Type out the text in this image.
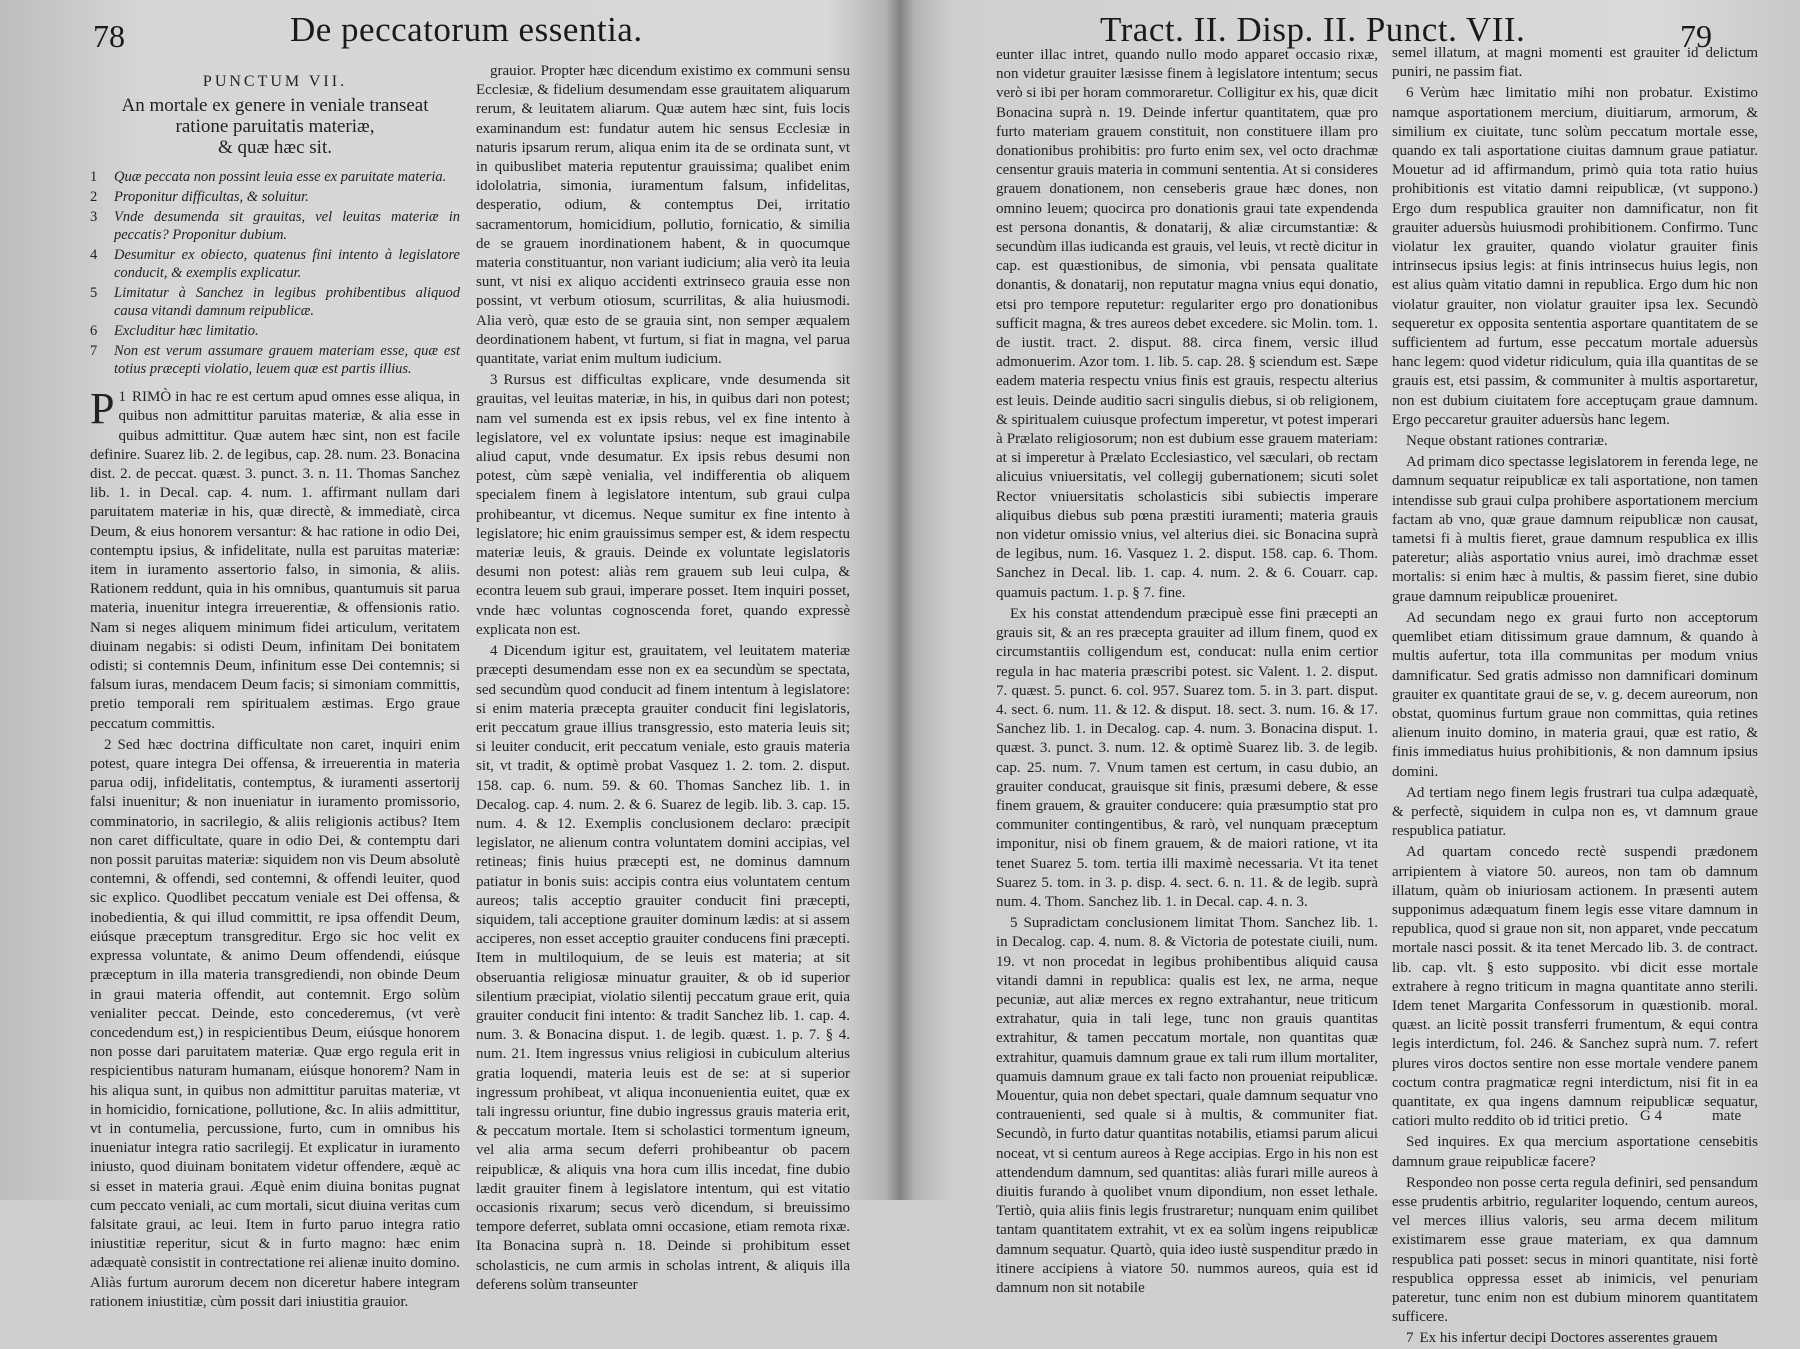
78	De peccatorum essentia.
PUNCTUM VII.
An mortale ex genere in veniale transeat
ratione paruitatis materiæ,
& quæ hæc sit.
1 Quæ peccata non possint leuia esse ex paruitate materia.
2 Proponitur difficultas, & soluitur.
3 Vnde desumenda sit grauitas, vel leuitas materiæ in peccatis? Proponitur dubium.
4 Desumitur ex obiecto, quatenus fini intento à legislatore conducit, & exemplis explicatur.
5 Limitatur à Sanchez in legibus prohibentibus aliquod causa vitandi damnum reipublicæ.
6 Excluditur hæc limitatio.
7 Non est verum assumare grauem materiam esse, quæ est totius præcepti violatio, leuem quæ est partis illius.

1
P RIMÒ in hac re est certum apud omnes esse aliqua, in quibus non admittitur paruitas materiæ, & alia esse in quibus admittitur. Quæ autem hæc sint, non est facile definire. Suarez lib. 2. de legibus, cap. 28. num. 23. Bonacina dist. 2. de peccat. quæst. 3. punct. 3. n. 11. Thomas Sanchez lib. 1. in Decal. cap. 4. num. 1. affirmant nullam dari paruitatem materiæ in his, quæ directè, & immediatè, circa Deum, & eius honorem versantur: & hac ratione in odio Dei, contemptu ipsius, & infidelitate, nulla est paruitas materiæ: item in iuramento assertorio falso, in simonia, & aliis. Rationem reddunt, quia in his omnibus, quantumuis sit parua materia, inuenitur integra irreuerentiæ, & offensionis ratio. Nam si neges aliquem minimum fidei articulum, veritatem diuinam negabis: si odisti Deum, infinitam Dei bonitatem odisti; si contemnis Deum, infinitum esse Dei contemnis; si falsum iuras, mendacem Deum facis; si simoniam committis, pretio temporali rem spiritualem æstimas. Ergo graue peccatum committis.

2 Sed hæc doctrina difficultate non caret, inquiri enim potest, quare integra Dei offensa, & irreuerentia in materia parua odij, infidelitatis, contemptus, & iuramenti assertorij falsi inuenitur; & non inueniatur in iuramento promissorio, comminatorio, in sacrilegio, & aliis religionis actibus? Item non caret difficultate, quare in odio Dei, & contemptu dari non possit paruitas materiæ: siquidem non vis Deum absolutè contemni, & offendi, sed contemni, & offendi leuiter, quod sic explico. Quodlibet peccatum veniale est Dei offensa, & inobedientia, & qui illud committit, re ipsa offendit Deum, eiúsque præceptum transgreditur. Ergo sic hoc velit ex expressa voluntate, & animo Deum offendendi, eiúsque præceptum in illa materia transgrediendi, non obinde Deum in graui materia offendit, aut contemnit. Ergo solùm venialiter peccat. Deinde, esto concederemus, (vt verè concedendum est,) in respicientibus Deum, eiúsque honorem non posse dari paruitatem materiæ. Quæ ergo regula erit in respicientibus naturam humanam, eiúsque honorem? Nam in his aliqua sunt, in quibus non admittitur paruitas materiæ, vt in homicidio, fornicatione, pollutione, &c. In aliis admittitur, vt in contumelia, percussione, furto, cum in omnibus his inueniatur integra ratio sacrilegij. Et explicatur in iuramento iniusto, quod diuinam bonitatem videtur offendere, æquè ac si esset in materia graui. Æquè enim diuina bonitas pugnat cum peccato veniali, ac cum mortali, sicut diuina veritas cum falsitate graui, ac leui. Item in furto paruo integra ratio iniustitiæ reperitur, sicut & in furto magno: hæc enim adæquatè consistit in contrectatione rei alienæ inuito domino. Aliàs furtum aurorum decem non diceretur habere integram rationem iniustitiæ, cùm possit dari iniustitia grauior.

grauior. Propter hæc dicendum existimo ex communi sensu Ecclesiæ, & fidelium desumendam esse grauitatem aliquarum rerum, & leuitatem aliarum. Quæ autem hæc sint, fuis locis examinandum est: fundatur autem hic sensus Ecclesiæ in naturis ipsarum rerum, aliqua enim ita de se ordinata sunt, vt in quibuslibet materia reputentur grauissima; qualibet enim idololatria, simonia, iuramentum falsum, infidelitas, desperatio, odium, & contemptus Dei, irritatio sacramentorum, homicidium, pollutio, fornicatio, & similia de se grauem inordinationem habent, & in quocumque materia constituantur, non variant iudicium; alia verò ita leuia sunt, vt nisi ex aliquo accidenti extrinseco grauia esse non possint, vt verbum otiosum, scurrilitas, & alia huiusmodi. Alia verò, quæ esto de se grauia sint, non semper æqualem deordinationem habent, vt furtum, si fiat in magna, vel parua quantitate, variat enim multum iudicium.

3 Rursus est difficultas explicare, vnde desumenda sit grauitas, vel leuitas materiæ, in his, in quibus dari non potest; nam vel sumenda est ex ipsis rebus, vel ex fine intento à legislatore, vel ex voluntate ipsius: neque est imaginabile aliud caput, vnde desumatur. Ex ipsis rebus desumi non potest, cùm sæpè venialia, vel indifferentia ob aliquem specialem finem à legislatore intentum, sub graui culpa prohibeantur, vt dicemus. Neque sumitur ex fine intento à legislatore; hic enim grauissimus semper est, & idem respectu materiæ leuis, & grauis. Deinde ex voluntate legislatoris desumi non potest: aliàs rem grauem sub leui culpa, & econtra leuem sub graui, imperare posset. Item inquiri posset, vnde hæc voluntas cognoscenda foret, quando expressè explicata non est.

4 Dicendum igitur est, grauitatem, vel leuitatem materiæ præcepti desumendam esse non ex ea secundùm se spectata, sed secundùm quod conducit ad finem intentum à legislatore: si enim materia præcepta grauiter conducit fini legislatoris, erit peccatum graue illius transgressio, esto materia leuis sit; si leuiter conducit, erit peccatum veniale, esto grauis materia sit, vt tradit, & optimè probat Vasquez 1. 2. tom. 2. disput. 158. cap. 6. num. 59. & 60. Thomas Sanchez lib. 1. in Decalog. cap. 4. num. 2. & 6. Suarez de legib. lib. 3. cap. 15. num. 4. & 12. Exemplis conclusionem declaro: præcipit legislator, ne alienum contra voluntatem domini accipias, vel retineas; finis huius præcepti est, ne dominus damnum patiatur in bonis suis: accipis contra eius voluntatem centum aureos; talis acceptio grauiter conducit fini præcepti, siquidem, tali acceptione grauiter dominum lædis: at si assem acciperes, non esset acceptio grauiter conducens fini præcepti. Item in multiloquium, de se leuis est materia; at sit obseruantia religiosæ minuatur grauiter, & ob id superior silentium præcipiat, violatio silentij peccatum graue erit, quia grauiter conducit fini intento: & tradit Sanchez lib. 1. cap. 4. num. 3. & Bonacina disput. 1. de legib. quæst. 1. p. 7. § 4. num. 21. Item ingressus vnius religiosi in cubiculum alterius gratia loquendi, materia leuis est de se: at si superior ingressum prohibeat, vt aliqua inconuenientia euitet, quæ ex tali ingressu oriuntur, fine dubio ingressus grauis materia erit, & peccatum mortale. Item si scholastici tormentum igneum, vel alia arma secum deferri prohibeantur ob pacem reipublicæ, & aliquis vna hora cum illis incedat, fine dubio lædit grauiter finem à legislatore intentum, qui est vitatio occasionis rixarum; secus verò dicendum, si breuissimo tempore deferret, sublata omni occasione, etiam remota rixæ. Ita Bonacina suprà n. 18. Deinde si prohibitum esset scholasticis, ne cum armis in scholas intrent, & aliquis illa deferens solùm transeunter

Tract. II. Disp. II. Punct. VII.	79

eunter illac intret, quando nullo modo apparet occasio rixæ, non videtur grauiter læsisse finem à legislatore intentum; secus verò si ibi per horam commoraretur. Colligitur ex his, quæ dicit Bonacina suprà n. 19. Deinde infertur quantitatem, quæ pro furto materiam grauem constituit, non constituere illam pro donationibus prohibitis: pro furto enim sex, vel octo drachmæ censentur grauis materia in communi sententia. At si consideres grauem donationem, non censeberis graue hæc dones, non omnino leuem; quocirca pro donationis graui tate expendenda est persona donantis, & donatarij, & aliæ circumstantiæ: & secundùm illas iudicanda est grauis, vel leuis, vt rectè dicitur in cap. est quæstionibus, de simonia, vbi pensata qualitate donantis, & donatarij, non reputatur magna vnius equi donatio, etsi pro tempore reputetur: regulariter ergo pro donationibus sufficit magna, & tres aureos debet excedere. sic Molin. tom. 1. de iustit. tract. 2. disput. 88. circa finem, versic illud admonuerim. Azor tom. 1. lib. 5. cap. 28. § sciendum est. Sæpe eadem materia respectu vnius finis est grauis, respectu alterius est leuis. Deinde auditio sacri singulis diebus, si ob religionem, & spiritualem cuiusque profectum imperetur, vt potest imperari à Prælato religiosorum; non est dubium esse grauem materiam: at si imperetur à Prælato Ecclesiastico, vel sæculari, ob rectam alicuius vniuersitatis, vel collegij gubernationem; sicuti solet Rector vniuersitatis scholasticis sibi subiectis imperare aliquibus diebus sub pœna præstiti iuramenti; materia grauis non videtur omissio vnius, vel alterius diei. sic Bonacina suprà de legibus, num. 16. Vasquez 1. 2. disput. 158. cap. 6. Thom. Sanchez in Decal. lib. 1. cap. 4. num. 2. & 6. Couarr. cap. quamuis pactum. 1. p. § 7. fine.

Ex his constat attendendum præcipuè esse fini præcepti an grauis sit, & an res præcepta grauiter ad illum finem, quod ex circumstantiis colligendum est, conducat: nulla enim certior regula in hac materia præscribi potest. sic Valent. 1. 2. disput. 7. quæst. 5. punct. 6. col. 957. Suarez tom. 5. in 3. part. disput. 4. sect. 6. num. 11. & 12. & disput. 18. sect. 3. num. 16. & 17. Sanchez lib. 1. in Decalog. cap. 4. num. 3. Bonacina disput. 1. quæst. 3. punct. 3. num. 12. & optimè Suarez lib. 3. de legib. cap. 25. num. 7. Vnum tamen est certum, in casu dubio, an grauiter conducat, grauisque sit finis, præsumi debere, & esse finem grauem, & grauiter conducere: quia præsumptio stat pro communiter contingentibus, & rarò, vel nunquam præceptum imponitur, nisi ob finem grauem, & de maiori ratione, vt ita tenet Suarez 5. tom. tertia illi maximè necessaria. Vt ita tenet Suarez 5. tom. in 3. p. disp. 4. sect. 6. n. 11. & de legib. suprà num. 4. Thom. Sanchez lib. 1. in Decal. cap. 4. n. 3.

5 Supradictam conclusionem limitat Thom. Sanchez lib. 1. in Decalog. cap. 4. num. 8. & Victoria de potestate ciuili, num. 19. vt non procedat in legibus prohibentibus aliquid causa vitandi damni in republica: qualis est lex, ne arma, neque pecuniæ, aut aliæ merces ex regno extrahantur, neue triticum extrahatur, quia in tali lege, tunc non grauis quantitas extrahitur, & tamen peccatum mortale, non quantitas quæ extrahitur, quamuis damnum graue ex tali rum illum mortaliter, quamuis damnum graue ex tali facto non proueniat reipublicæ. Mouentur, quia non debet spectari, quale damnum sequatur vno contrauenienti, sed quale si à multis, & communiter fiat. Secundò, in furto datur quantitas notabilis, etiamsi parum alicui noceat, vt si centum aureos à Rege accipias. Ergo in his non est attendendum damnum, sed quantitas: aliàs furari mille aureos à diuitis furando à quolibet vnum dipondium, non esset lethale. Tertiò, quia aliis finis legis frustraretur; nunquam enim quilibet tantam quantitatem extrahit, vt ex ea solùm ingens reipublicæ damnum sequatur. Quartò, quia ideo iustè suspenditur prædo in itinere accipiens à viatore 50. nummos aureos, quia est id damnum non sit notabile

semel illatum, at magni momenti est grauiter id delictum puniri, ne passim fiat.

6 Verùm hæc limitatio mihi non probatur. Existimo namque asportationem mercium, diuitiarum, armorum, & similium ex ciuitate, tunc solùm peccatum mortale esse, quando ex tali asportatione ciuitas damnum graue patiatur. Mouetur ad id affirmandum, primò quia tota ratio huius prohibitionis est vitatio damni reipublicæ, (vt suppono.) Ergo dum respublica grauiter non damnificatur, non fit grauiter aduersùs huiusmodi prohibitionem. Confirmo. Tunc violatur lex grauiter, quando violatur grauiter finis intrinsecus ipsius legis: at finis intrinsecus huius legis, non est alius quàm vitatio damni in republica. Ergo dum hic non violatur grauiter, non violatur grauiter ipsa lex. Secundò sequeretur ex opposita sententia asportare quantitatem de se sufficientem ad furtum, esse peccatum mortale aduersùs hanc legem: quod videtur ridiculum, quia illa quantitas de se grauis est, etsi passim, & communiter à multis asportaretur, non est dubium ciuitatem fore acceptuçam graue damnum. Ergo peccaretur grauiter aduersùs hanc legem.

Neque obstant rationes contrariæ.

Ad primam dico spectasse legislatorem in ferenda lege, ne damnum sequatur reipublicæ ex tali asportatione, non tamen intendisse sub graui culpa prohibere asportationem mercium factam ab vno, quæ graue damnum reipublicæ non causat, tametsi fi à multis fieret, graue damnum respublica ex illis pateretur; aliàs asportatio vnius aurei, imò drachmæ esset mortalis: si enim hæc à multis, & passim fieret, sine dubio graue damnum reipublicæ proueniret.

Ad secundam nego ex graui furto non acceptorum quemlibet etiam ditissimum graue damnum, & quando à multis aufertur, tota illa communitas per modum vnius damnificatur. Sed gratis admisso non damnificari dominum grauiter ex quantitate graui de se, v. g. decem aureorum, non obstat, quominus furtum graue non committas, quia retines alienum inuito domino, in materia graui, quæ est ratio, & finis immediatus huius prohibitionis, & non damnum ipsius domini.

Ad tertiam nego finem legis frustrari tua culpa adæquatè, & perfectè, siquidem in culpa non es, vt damnum graue respublica patiatur.

Ad quartam concedo rectè suspendi prædonem arripientem à viatore 50. aureos, non tam ob damnum illatum, quàm ob iniuriosam actionem. In præsenti autem supponimus adæquatum finem legis esse vitare damnum in republica, quod si graue non sit, non apparet, vnde peccatum mortale nasci possit. & ita tenet Mercado lib. 3. de contract. lib. cap. vlt. § esto supposito. vbi dicit esse mortale extrahere à regno triticum in magna quantitate anno sterili. Idem tenet Margarita Confessorum in quæstionib. moral. quæst. an licitè possit transferri frumentum, & equi contra legis interdictum, fol. 246. & Sanchez suprà num. 7. refert plures viros doctos sentire non esse mortale vendere panem coctum contra pragmaticæ regni interdictum, nisi fit in ea quantitate, ex qua ingens damnum reipublicæ sequatur, catiori multo reddito ob id tritici pretio.

Sed inquires. Ex qua mercium asportatione censebitis damnum graue reipublicæ facere?

Respondeo non posse certa regula definiri, sed pensandum esse prudentis arbitrio, regulariter loquendo, centum aureos, vel merces illius valoris, seu arma decem militum existimarem esse graue materiam, ex qua damnum respublica pati posset: secus in minori quantitate, nisi fortè respublica oppressa esset ab inimicis, vel penuriam pateretur, tunc enim non est dubium minorem quantitatem sufficere.

7 Ex his infertur decipi Doctores asserentes grauem

G 4	mate
